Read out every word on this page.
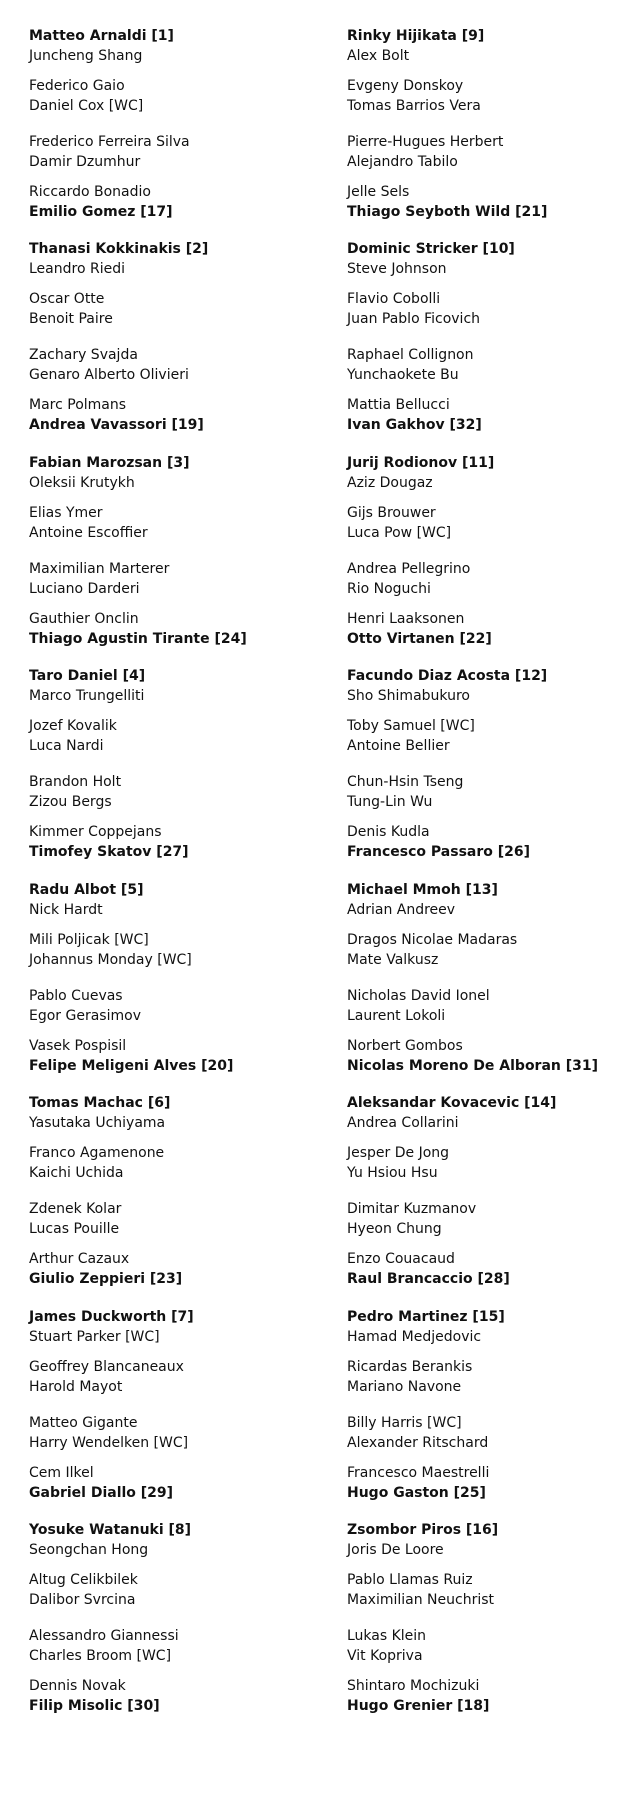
Matteo Arnaldi [1]
Juncheng Shang
Federico Gaio
Daniel Cox [WC]
Frederico Ferreira Silva
Damir Dzumhur
Riccardo Bonadio
Emilio Gomez [17]
Thanasi Kokkinakis [2]
Leandro Riedi
Oscar Otte
Benoit Paire
Zachary Svajda
Genaro Alberto Olivieri
Marc Polmans
Andrea Vavassori [19]
Fabian Marozsan [3]
Oleksii Krutykh
Elias Ymer
Antoine Escoffier
Maximilian Marterer
Luciano Darderi
Gauthier Onclin
Thiago Agustin Tirante [24]
Taro Daniel [4]
Marco Trungelliti
Jozef Kovalik
Luca Nardi
Brandon Holt
Zizou Bergs
Kimmer Coppejans
Timofey Skatov [27]
Radu Albot [5]
Nick Hardt
Mili Poljicak [WC]
Johannus Monday [WC]
Pablo Cuevas
Egor Gerasimov
Vasek Pospisil
Felipe Meligeni Alves [20]
Tomas Machac [6]
Yasutaka Uchiyama
Franco Agamenone
Kaichi Uchida
Zdenek Kolar
Lucas Pouille
Arthur Cazaux
Giulio Zeppieri [23]
James Duckworth [7]
Stuart Parker [WC]
Geoffrey Blancaneaux
Harold Mayot
Matteo Gigante
Harry Wendelken [WC]
Cem Ilkel
Gabriel Diallo [29]
Yosuke Watanuki [8]
Seongchan Hong
Altug Celikbilek
Dalibor Svrcina
Alessandro Giannessi
Charles Broom [WC]
Dennis Novak
Filip Misolic [30]
Rinky Hijikata [9]
Alex Bolt
Evgeny Donskoy
Tomas Barrios Vera
Pierre-Hugues Herbert
Alejandro Tabilo
Jelle Sels
Thiago Seyboth Wild [21]
Dominic Stricker [10]
Steve Johnson
Flavio Cobolli
Juan Pablo Ficovich
Raphael Collignon
Yunchaokete Bu
Mattia Bellucci
Ivan Gakhov [32]
Jurij Rodionov [11]
Aziz Dougaz
Gijs Brouwer
Luca Pow [WC]
Andrea Pellegrino
Rio Noguchi
Henri Laaksonen
Otto Virtanen [22]
Facundo Diaz Acosta [12]
Sho Shimabukuro
Toby Samuel [WC]
Antoine Bellier
Chun-Hsin Tseng
Tung-Lin Wu
Denis Kudla
Francesco Passaro [26]
Michael Mmoh [13]
Adrian Andreev
Dragos Nicolae Madaras
Mate Valkusz
Nicholas David Ionel
Laurent Lokoli
Norbert Gombos
Nicolas Moreno De Alboran [31]
Aleksandar Kovacevic [14]
Andrea Collarini
Jesper De Jong
Yu Hsiou Hsu
Dimitar Kuzmanov
Hyeon Chung
Enzo Couacaud
Raul Brancaccio [28]
Pedro Martinez [15]
Hamad Medjedovic
Ricardas Berankis
Mariano Navone
Billy Harris [WC]
Alexander Ritschard
Francesco Maestrelli
Hugo Gaston [25]
Zsombor Piros [16]
Joris De Loore
Pablo Llamas Ruiz
Maximilian Neuchrist
Lukas Klein
Vit Kopriva
Shintaro Mochizuki
Hugo Grenier [18]
